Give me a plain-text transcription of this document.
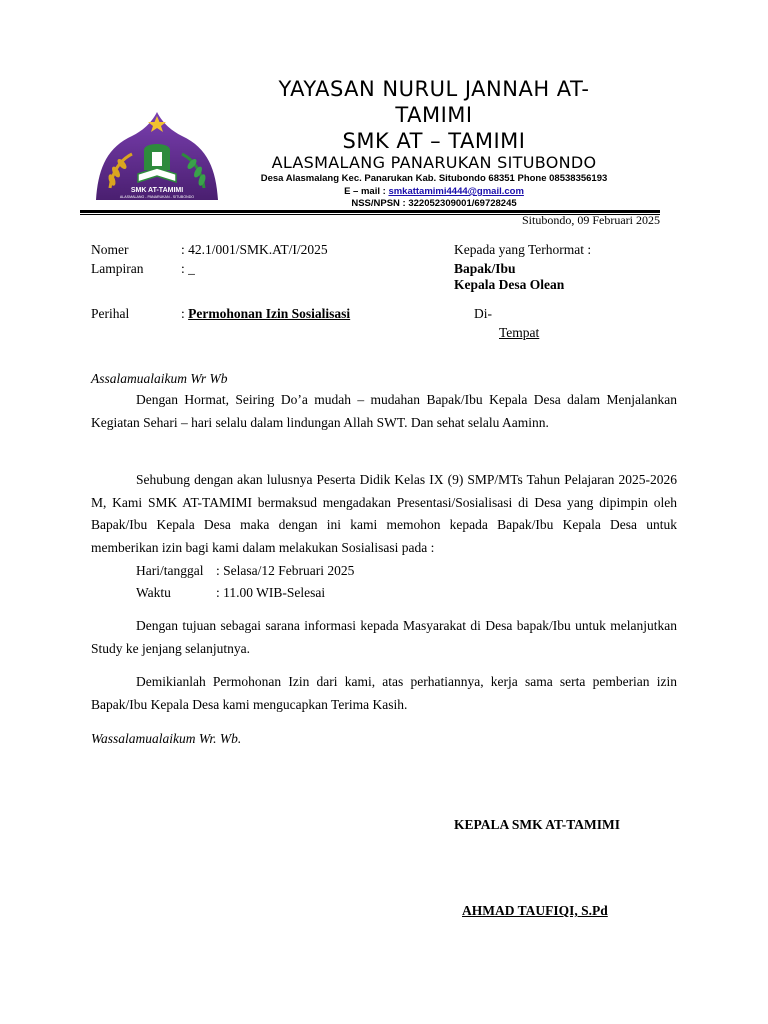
SMK AT-TAMIMI
ALASMALANG - PANARUKAN - SITUBONDO
YAYASAN NURUL JANNAH AT-
TAMIMI
SMK AT – TAMIMI
ALASMALANG PANARUKAN SITUBONDO
Desa Alasmalang Kec. Panarukan Kab. Situbondo 68351 Phone 08538356193
E – mail : smkattamimi4444@gmail.com
NSS/NPSN : 322052309001/69728245
Situbondo, 09 Februari 2025
Nomer	: 42.1/001/SMK.AT/I/2025
Lampiran	: _
Kepada yang Terhormat :
Bapak/Ibu
Kepala Desa Olean
Perihal	: Permohonan Izin Sosialisasi	Di-
Tempat
Assalamualaikum Wr Wb
Dengan Hormat, Seiring Do’a mudah – mudahan Bapak/Ibu Kepala Desa dalam Menjalankan Kegiatan Sehari – hari selalu dalam lindungan Allah SWT. Dan sehat selalu Aaminn.
Sehubung dengan akan lulusnya Peserta Didik Kelas IX (9) SMP/MTs Tahun Pelajaran 2025-2026 M, Kami SMK AT-TAMIMI bermaksud mengadakan Presentasi/Sosialisasi di Desa yang dipimpin oleh Bapak/Ibu Kepala Desa maka dengan ini kami memohon kepada Bapak/Ibu Kepala Desa untuk memberikan izin bagi kami dalam melakukan Sosialisasi pada :
Hari/tanggal : Selasa/12 Februari 2025
Waktu	: 11.00 WIB-Selesai
Dengan tujuan sebagai sarana informasi kepada Masyarakat di Desa bapak/Ibu untuk melanjutkan Study ke jenjang selanjutnya.
Demikianlah Permohonan Izin dari kami, atas perhatiannya, kerja sama serta pemberian izin Bapak/Ibu Kepala Desa kami mengucapkan Terima Kasih.
Wassalamualaikum Wr. Wb.
KEPALA SMK AT-TAMIMI
AHMAD TAUFIQI, S.Pd
